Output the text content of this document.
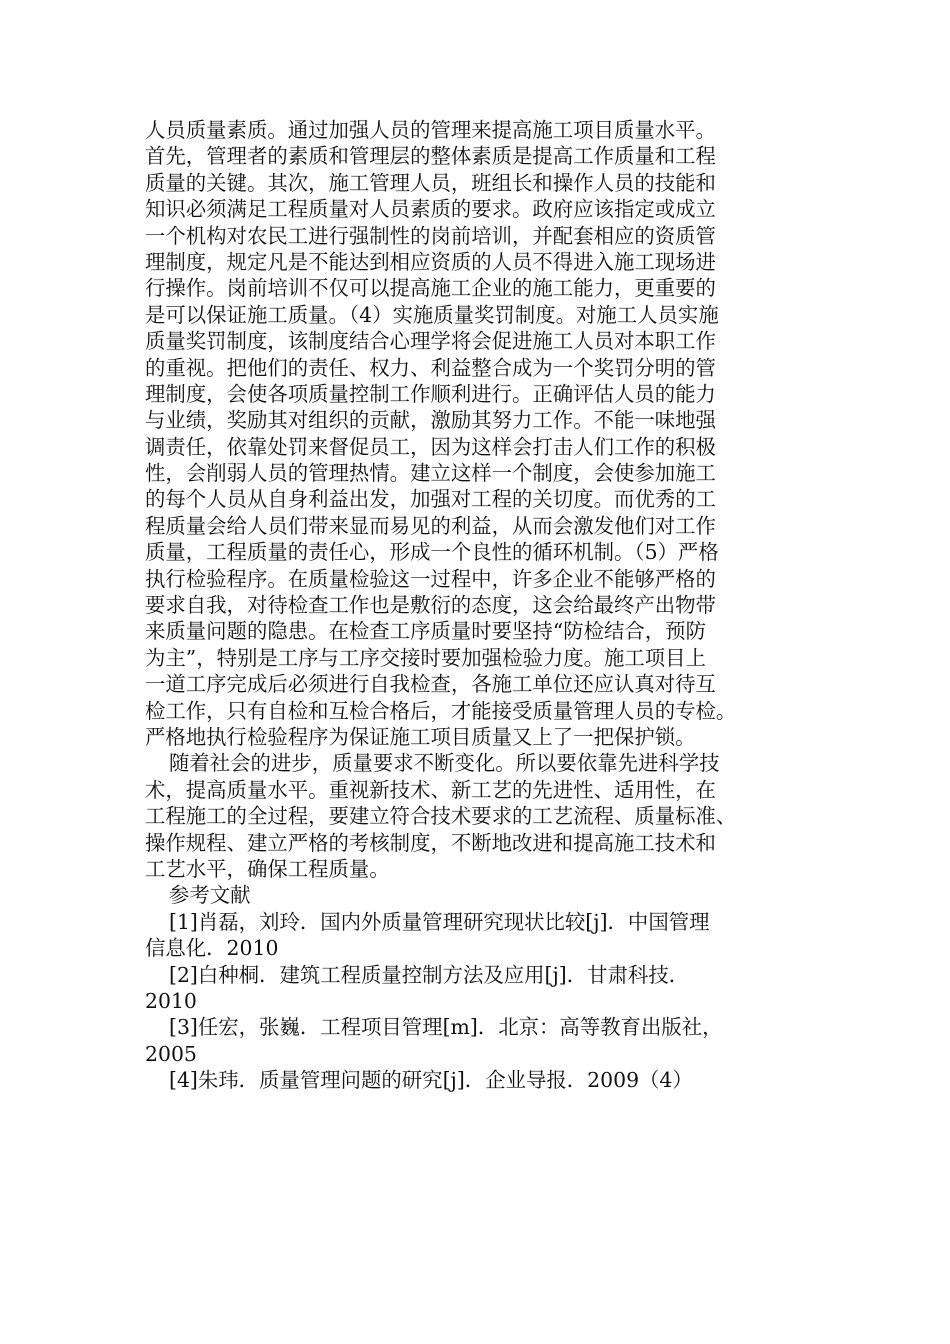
人员质量素质。通过加强人员的管理来提高施工项目质量水平。
首先，管理者的素质和管理层的整体素质是提高工作质量和工程
质量的关键。其次，施工管理人员，班组长和操作人员的技能和
知识必须满足工程质量对人员素质的要求。政府应该指定或成立
一个机构对农民工进行强制性的岗前培训，并配套相应的资质管
理制度，规定凡是不能达到相应资质的人员不得进入施工现场进
行操作。岗前培训不仅可以提高施工企业的施工能力，更重要的
是可以保证施工质量。（4）实施质量奖罚制度。对施工人员实施
质量奖罚制度，该制度结合心理学将会促进施工人员对本职工作
的重视。把他们的责任、权力、利益整合成为一个奖罚分明的管
理制度，会使各项质量控制工作顺利进行。正确评估人员的能力
与业绩，奖励其对组织的贡献，激励其努力工作。不能一味地强
调责任，依靠处罚来督促员工，因为这样会打击人们工作的积极
性，会削弱人员的管理热情。建立这样一个制度，会使参加施工
的每个人员从自身利益出发，加强对工程的关切度。而优秀的工
程质量会给人员们带来显而易见的利益，从而会激发他们对工作
质量，工程质量的责任心，形成一个良性的循环机制。（5）严格
执行检验程序。在质量检验这一过程中，许多企业不能够严格的
要求自我，对待检查工作也是敷衍的态度，这会给最终产出物带
来质量问题的隐患。在检查工序质量时要坚持“防检结合，预防
为主”，特别是工序与工序交接时要加强检验力度。施工项目上
一道工序完成后必须进行自我检查，各施工单位还应认真对待互
检工作，只有自检和互检合格后，才能接受质量管理人员的专检。
严格地执行检验程序为保证施工项目质量又上了一把保护锁。
随着社会的进步，质量要求不断变化。所以要依靠先进科学技
术，提高质量水平。重视新技术、新工艺的先进性、适用性，在
工程施工的全过程，要建立符合技术要求的工艺流程、质量标准、
操作规程、建立严格的考核制度，不断地改进和提高施工技术和
工艺水平，确保工程质量。
参考文献
[1]肖磊，刘玲．国内外质量管理研究现状比较[j]．中国管理
信息化．2010
[2]白种桐．建筑工程质量控制方法及应用[j]．甘肃科技．
2010
[3]任宏，张巍．工程项目管理[m]．北京：高等教育出版社，
2005
[4]朱玮．质量管理问题的研究[j]．企业导报．2009（4）
